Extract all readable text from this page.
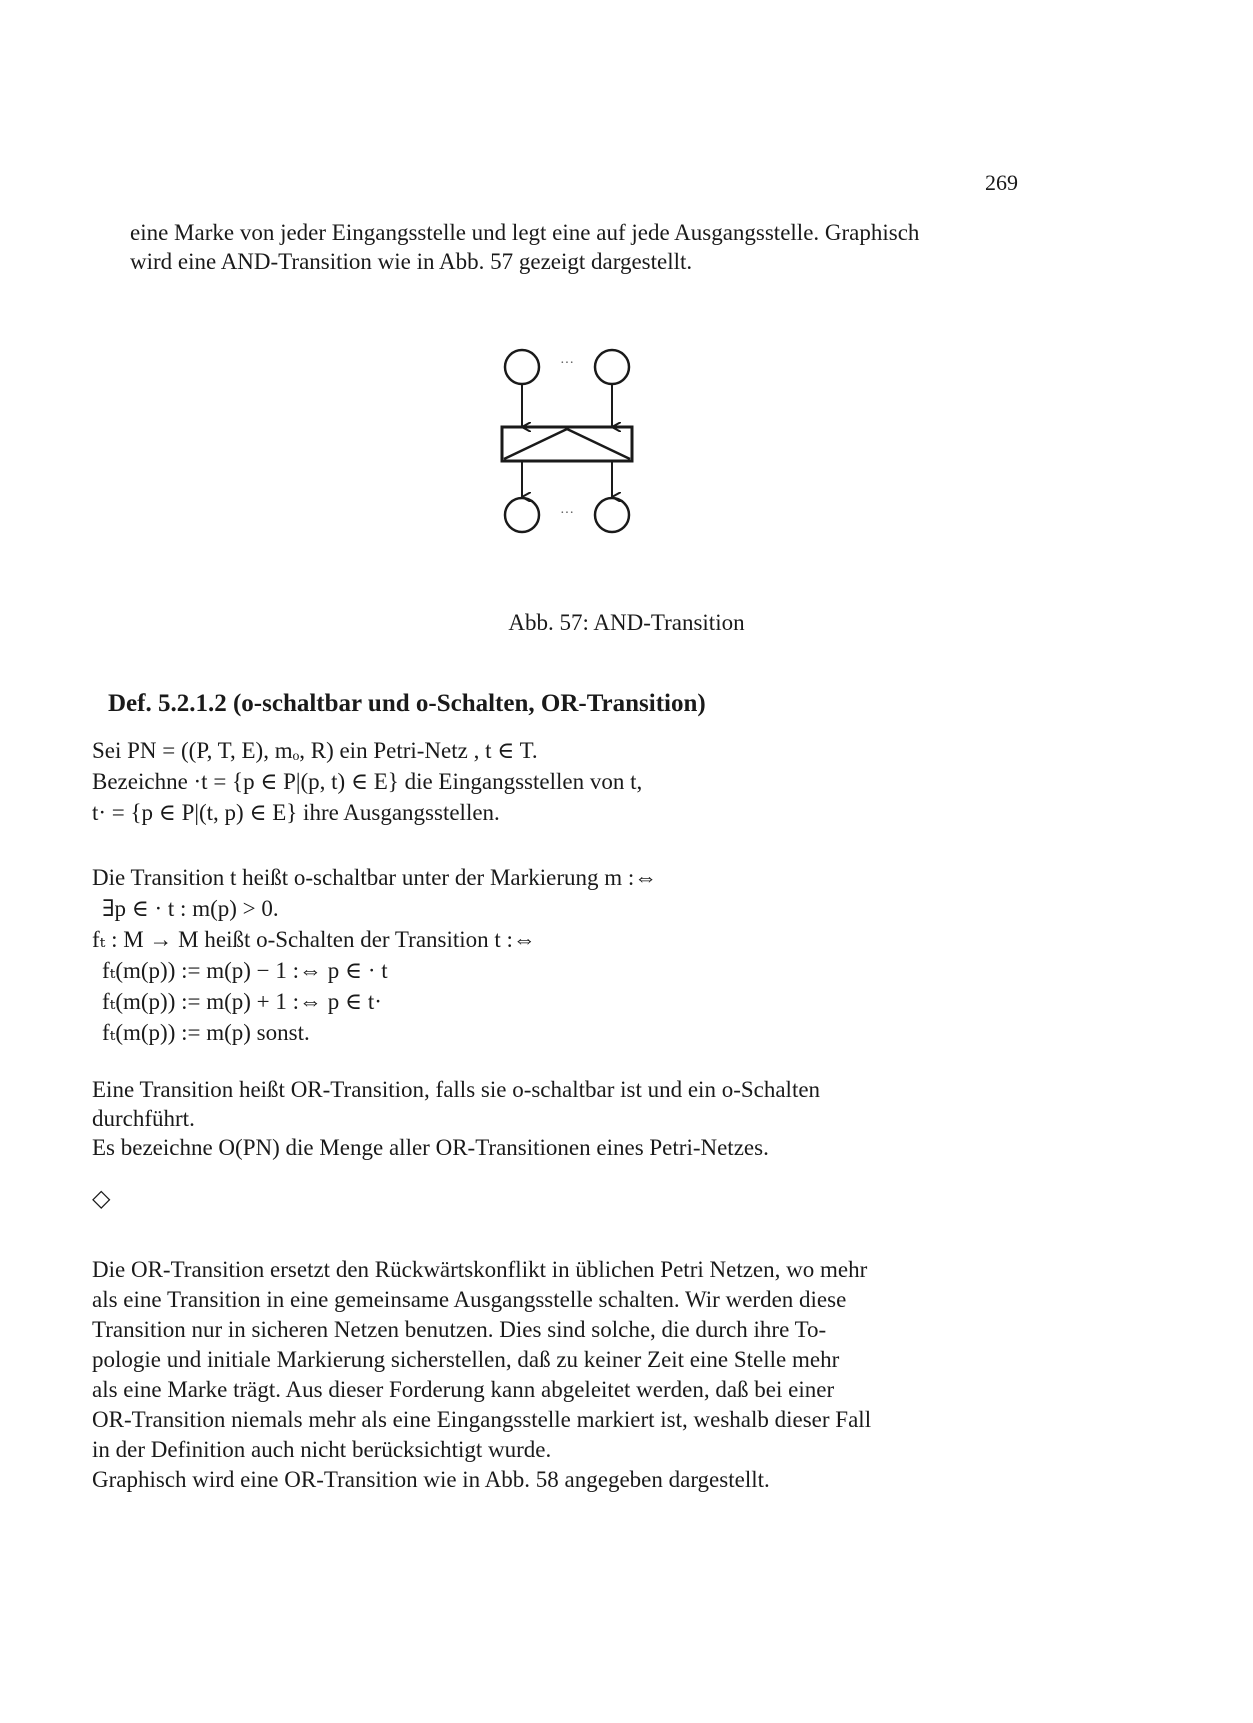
269
eine Marke von jeder Eingangsstelle und legt eine auf jede Ausgangsstelle. Graphisch
wird eine AND-Transition wie in Abb. 57 gezeigt dargestellt.
···
···
Abb. 57: AND-Transition
Def. 5.2.1.2 (o-schaltbar und o-Schalten, OR-Transition)
Sei PN = ((P, T, E), mₒ, R) ein Petri-Netz , t ∈ T.
Bezeichne ·t = {p ∈ P|(p, t) ∈ E} die Eingangsstellen von t,
t· = {p ∈ P|(t, p) ∈ E} ihre Ausgangsstellen.
Die Transition t heißt o-schaltbar unter der Markierung m :⇔
∃p ∈ · t : m(p) > 0.
fₜ : M → M heißt o-Schalten der Transition t :⇔
fₜ(m(p)) := m(p) − 1 :⇔ p ∈ · t
fₜ(m(p)) := m(p) + 1 :⇔ p ∈ t·
fₜ(m(p)) := m(p) sonst.
Eine Transition heißt OR-Transition, falls sie o-schaltbar ist und ein o-Schalten
durchführt.
Es bezeichne O(PN) die Menge aller OR-Transitionen eines Petri-Netzes.
◇
Die OR-Transition ersetzt den Rückwärtskonflikt in üblichen Petri Netzen, wo mehr
als eine Transition in eine gemeinsame Ausgangsstelle schalten. Wir werden diese
Transition nur in sicheren Netzen benutzen. Dies sind solche, die durch ihre To-
pologie und initiale Markierung sicherstellen, daß zu keiner Zeit eine Stelle mehr
als eine Marke trägt. Aus dieser Forderung kann abgeleitet werden, daß bei einer
OR-Transition niemals mehr als eine Eingangsstelle markiert ist, weshalb dieser Fall
in der Definition auch nicht berücksichtigt wurde.
Graphisch wird eine OR-Transition wie in Abb. 58 angegeben dargestellt.
